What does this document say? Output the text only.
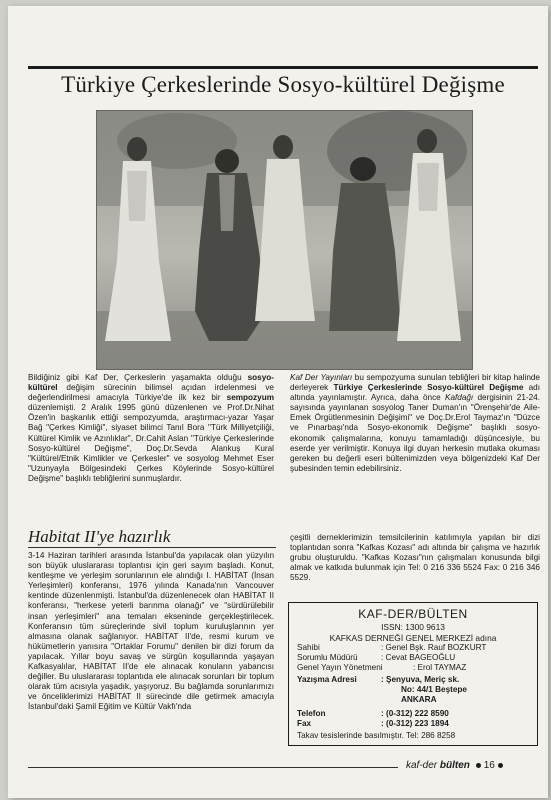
Türkiye Çerkeslerinde Sosyo-kültürel Değişme
Bildiğiniz gibi Kaf Der, Çerkeslerin yaşamakta olduğu sosyo-kültürel değişim sürecinin bilimsel açıdan irdelenmesi ve değerlendirilmesi amacıyla Türkiye'de ilk kez bir sempozyum düzenlemişti. 2 Aralık 1995 günü düzenlenen ve Prof.Dr.Nihat Özen'in başkanlık ettiği sempozyumda, araştırmacı-yazar Yaşar Bağ "Çerkes Kimliği", siyaset bilimci Tanıl Bora "Türk Milliyetçiliği, Kültürel Kimlik ve Azınlıklar", Dr.Cahit Aslan "Türkiye Çerkeslerinde Sosyo-kültürel Değişme", Doç.Dr.Sevda Alankuş Kural "Kültürel/Etnik Kimlikler ve Çerkesler" ve sosyolog Mehmet Eser "Uzunyayla Bölgesindeki Çerkes Köylerinde Sosyo-kültürel Değişme" başlıklı tebliğlerini sunmuşlardır.
Kaf Der Yayınları bu sempozyuma sunulan tebliğleri bir kitap halinde derleyerek Türkiye Çerkeslerinde Sosyo-kültürel Değişme adı altında yayınlamıştır. Ayrıca, daha önce Kafdağı dergisinin 21-24. sayısında yayınlanan sosyolog Taner Duman'ın "Örenşehir'de Aile-Emek Örgütlenmesinin Değişimi" ve Doç.Dr.Erol Taymaz'ın "Düzce ve Pınarbaşı'nda Sosyo-ekonomik Değişme" başlıklı sosyo-ekonomik çalışmalarına, konuyu tamamladığı düşüncesiyle, bu eserde yer verilmiştir. Konuya ilgi duyan herkesin mutlaka okuması gereken bu değerli eseri bültenimizden veya bölgenizdeki Kaf Der şubesinden temin edebilirsiniz.
Habitat II'ye hazırlık
3-14 Haziran tarihleri arasında İstanbul'da yapılacak olan yüzyılın son büyük uluslararası toplantısı için geri sayım başladı. Konut, kentleşme ve yerleşim sorunlarının ele alındığı I. HABİTAT (İnsan Yerleşimleri) konferansı, 1976 yılında Kanada'nın Vancouver kentinde düzenlenmişti. İstanbul'da düzenlenecek olan HABİTAT II konferansı, "herkese yeterli barınma olanağı" ve "sürdürülebilir insan yerleşimleri" ana temaları ekseninde gerçekleştirilecek. Konferansın tüm süreçlerinde sivil toplum kuruluşlarının yer almasına olanak sağlanıyor. HABİTAT II'de, resmi kurum ve hükümetlerin yanısıra "Ortaklar Forumu" denilen bir dizi forum da yapılacak. Yıllar boyu savaş ve sürgün koşullarında yaşayan Kafkasyalılar, HABİTAT II'de ele alınacak konuların yabancısı değiller. Bu uluslararası toplantıda ele alınacak sorunları bir toplum olarak tüm acısıyla yaşadık, yaşıyoruz. Bu bağlamda sorunlarımızı ve önceliklerimizi HABİTAT II sürecinde dile getirmek amacıyla İstanbul'daki Şamil Eğitim ve Kültür Vakfı'nda
çeşitli derneklerimizin temsilcilerinin katılımıyla yapılan bir dizi toplantıdan sonra "Kafkas Kozası" adı altında bir çalışma ve hazırlık grubu oluşturuldu. "Kafkas Kozası"nın çalışmaları konusunda bilgi almak ve katkıda bulunmak için Tel: 0 216 336 5524 Fax: 0 216 346 5529.
KAF-DER/BÜLTEN
ISSN: 1300 9613
KAFKAS DERNEĞİ GENEL MERKEZİ adına
Sahibi	: Genel Bşk. Rauf BOZKURT
Sorumlu Müdürü	: Cevat BAGEOĞLU
Genel Yayın Yönetmeni	: Erol TAYMAZ
Yazışma Adresi	: Şenyuva, Meriç sk.
No: 44/1 Beştepe
ANKARA
Telefon	: (0-312) 222 8590
Fax	: (0-312) 223 1894
Takav tesislerinde basılmıştır. Tel: 286 8258
kaf-der bülten 16
